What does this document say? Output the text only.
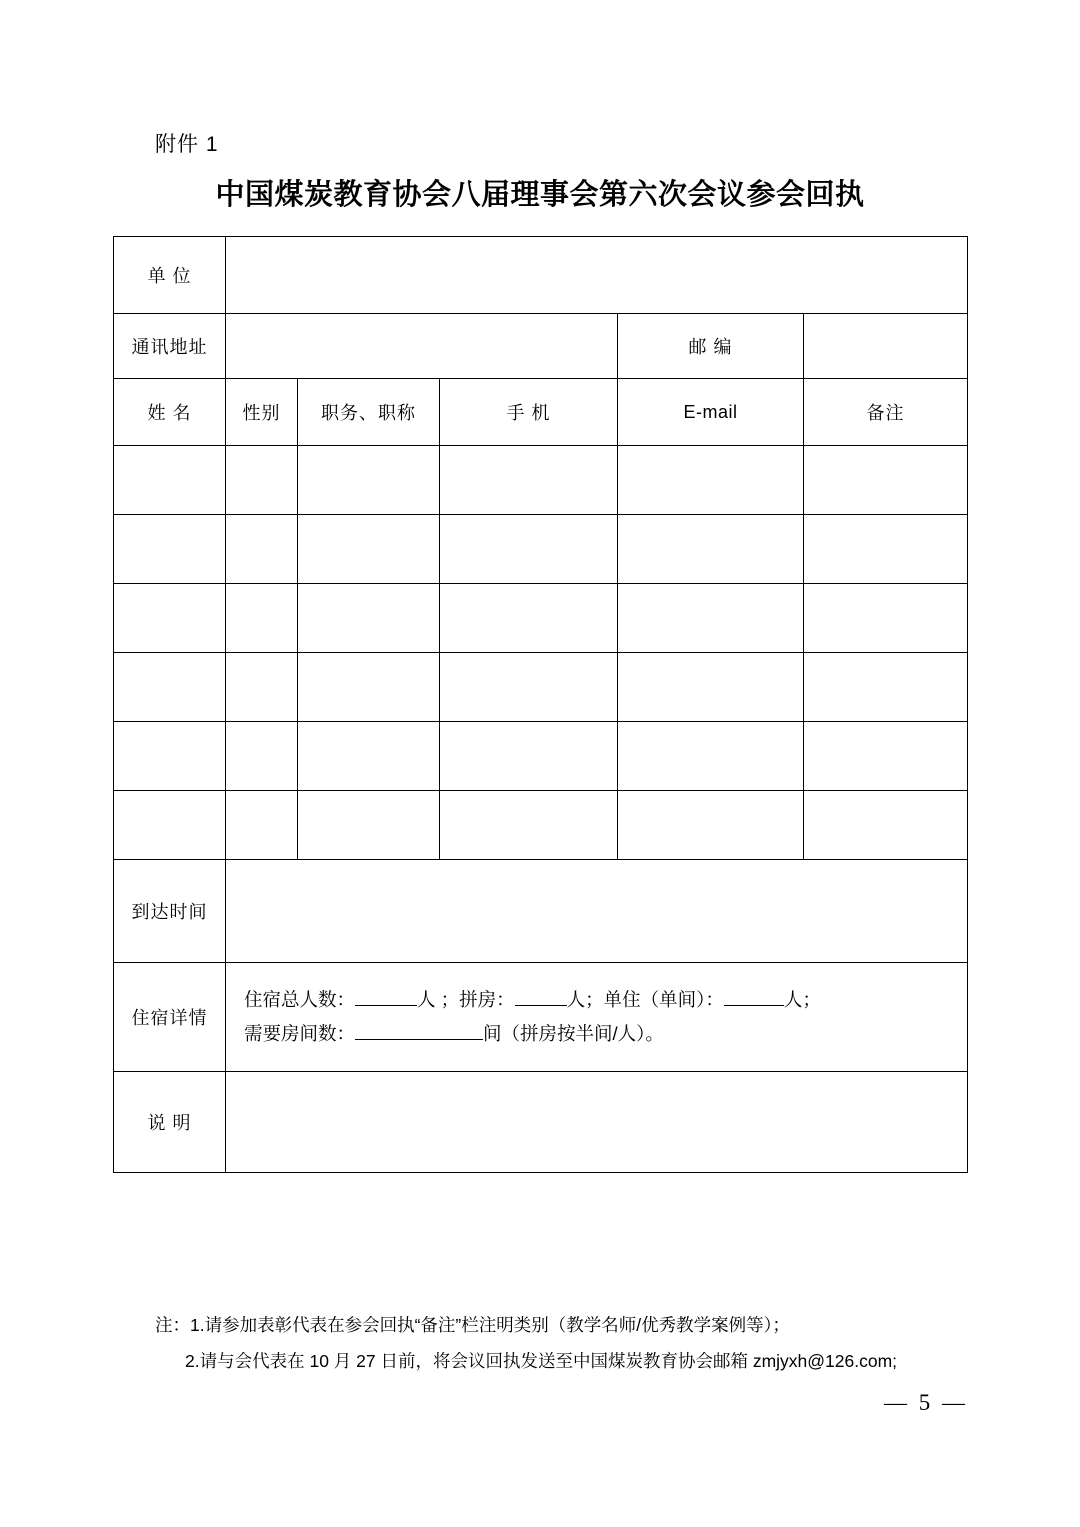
附件 1
中国煤炭教育协会八届理事会第六次会议参会回执
单 位					
通讯地址				邮 编	
姓 名	性别	职务、职称	手 机	E-mail	备注

到达时间					
住宿详情	住宿总人数： 人 ；拼房： 人；单住（单间）： 人；
需要房间数： 间（拼房按半间/人）。				

说 明					
注：1.请参加表彰代表在参会回执“备注”栏注明类别（教学名师/优秀教学案例等）；
2.请与会代表在 10 月 27 日前，将会议回执发送至中国煤炭教育协会邮箱 zmjyxh@126.com;
— 5 —
